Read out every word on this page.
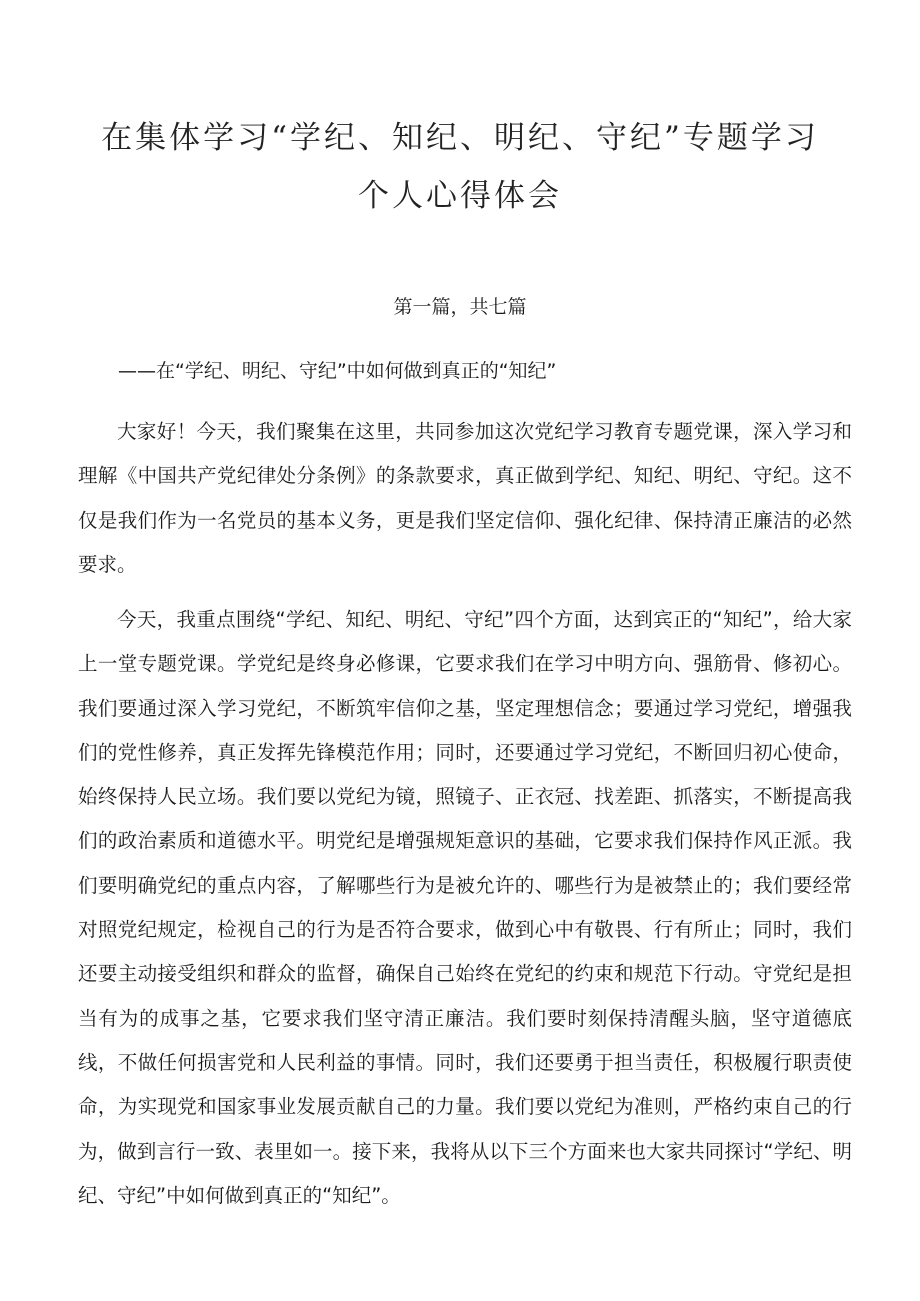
在集体学习“学纪、知纪、明纪、守纪”专题学习
个人心得体会

第一篇，共七篇

——在“学纪、明纪、守纪”中如何做到真正的“知纪”

大家好！今天，我们聚集在这里，共同参加这次党纪学习教育专题党课，深入学习和理解《中国共产党纪律处分条例》的条款要求，真正做到学纪、知纪、明纪、守纪。这不仅是我们作为一名党员的基本义务，更是我们坚定信仰、强化纪律、保持清正廉洁的必然要求。

今天，我重点围绕“学纪、知纪、明纪、守纪”四个方面，达到宾正的“知纪”，给大家上一堂专题党课。学党纪是终身必修课，它要求我们在学习中明方向、强筋骨、修初心。我们要通过深入学习党纪，不断筑牢信仰之基，坚定理想信念；要通过学习党纪，增强我们的党性修养，真正发挥先锋模范作用；同时，还要通过学习党纪，不断回归初心使命，始终保持人民立场。我们要以党纪为镜，照镜子、正衣冠、找差距、抓落实，不断提高我们的政治素质和道德水平。明党纪是增强规矩意识的基础，它要求我们保持作风正派。我们要明确党纪的重点内容，了解哪些行为是被允许的、哪些行为是被禁止的；我们要经常对照党纪规定，检视自己的行为是否符合要求，做到心中有敬畏、行有所止；同时，我们还要主动接受组织和群众的监督，确保自己始终在党纪的约束和规范下行动。守党纪是担当有为的成事之基，它要求我们坚守清正廉洁。我们要时刻保持清醒头脑，坚守道德底线，不做任何损害党和人民利益的事情。同时，我们还要勇于担当责任，积极履行职责使命，为实现党和国家事业发展贡献自己的力量。我们要以党纪为准则，严格约束自己的行为，做到言行一致、表里如一。接下来，我将从以下三个方面来也大家共同探讨“学纪、明纪、守纪”中如何做到真正的“知纪”。
